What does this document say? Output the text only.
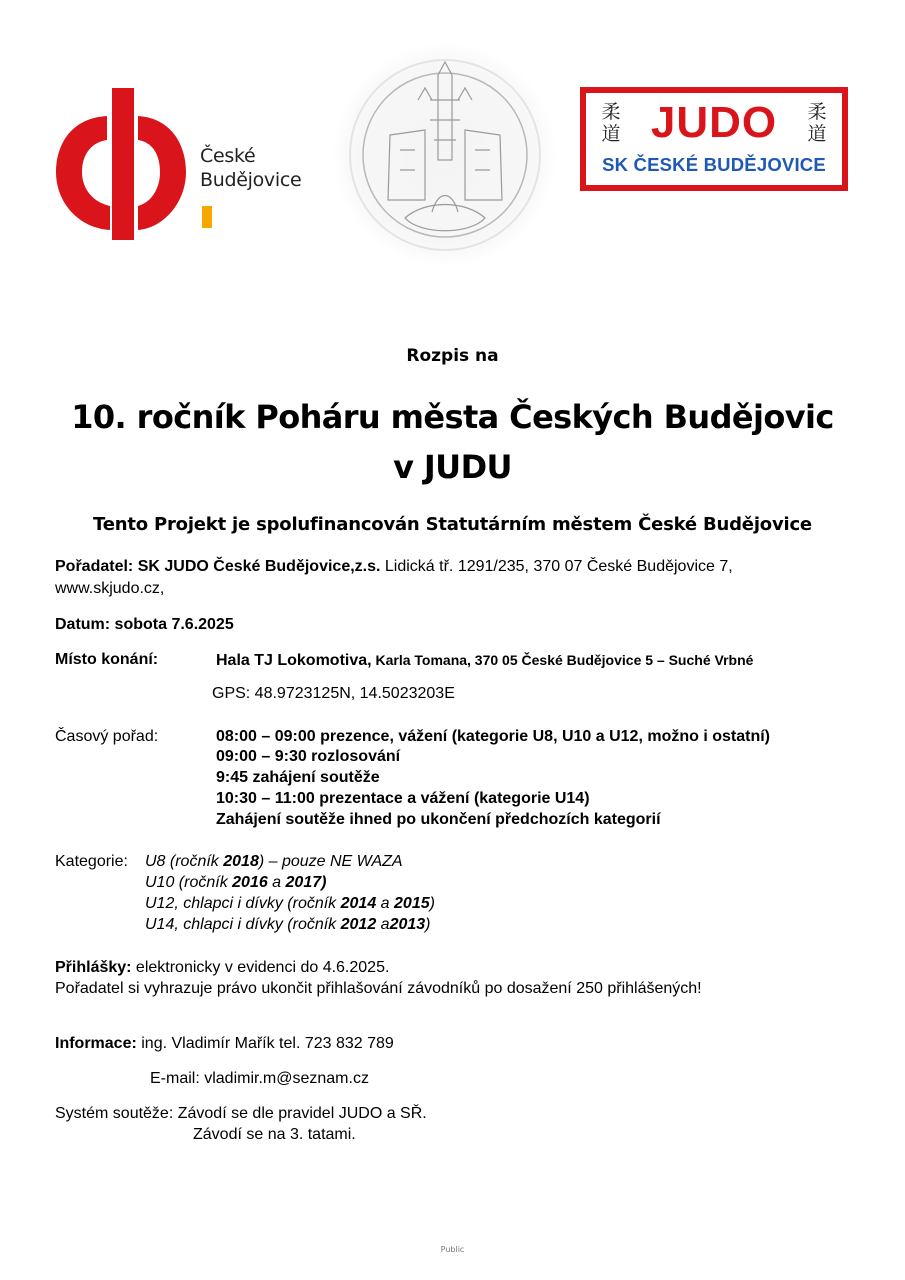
České
Budějovice
柔道 JUDO	柔道
SK ČESKÉ BUDĚJOVICE
Rozpis na
10. ročník Poháru města Českých Budějovic
v JUDU
Tento Projekt je spolufinancován Statutárním městem České Budějovice
Pořadatel: SK JUDO České Budějovice,z.s. Lidická tř. 1291/235, 370 07 České Budějovice 7,
www.skjudo.cz,
Datum: sobota 7.6.2025
Místo konání:	Hala TJ Lokomotiva, Karla Tomana, 370 05 České Budějovice 5 – Suché Vrbné
GPS: 48.9723125N, 14.5023203E
Časový pořad:	08:00 – 09:00 prezence, vážení (kategorie U8, U10 a U12, možno i ostatní)
09:00 – 9:30 rozlosování
9:45 zahájení soutěže
10:30 – 11:00 prezentace a vážení (kategorie U14)
Zahájení soutěže ihned po ukončení předchozích kategorií
Kategorie: U8 (ročník 2018) – pouze NE WAZA
U10 (ročník 2016 a 2017)
U12, chlapci i dívky (ročník 2014 a 2015)
U14, chlapci i dívky (ročník 2012 a2013)
Přihlášky: elektronicky v evidenci do 4.6.2025.
Pořadatel si vyhrazuje právo ukončit přihlašování závodníků po dosažení 250 přihlášených!
Informace: ing. Vladimír Mařík tel. 723 832 789
E-mail: vladimir.m@seznam.cz
Systém soutěže: Závodí se dle pravidel JUDO a SŘ.
Závodí se na 3. tatami.
Public
